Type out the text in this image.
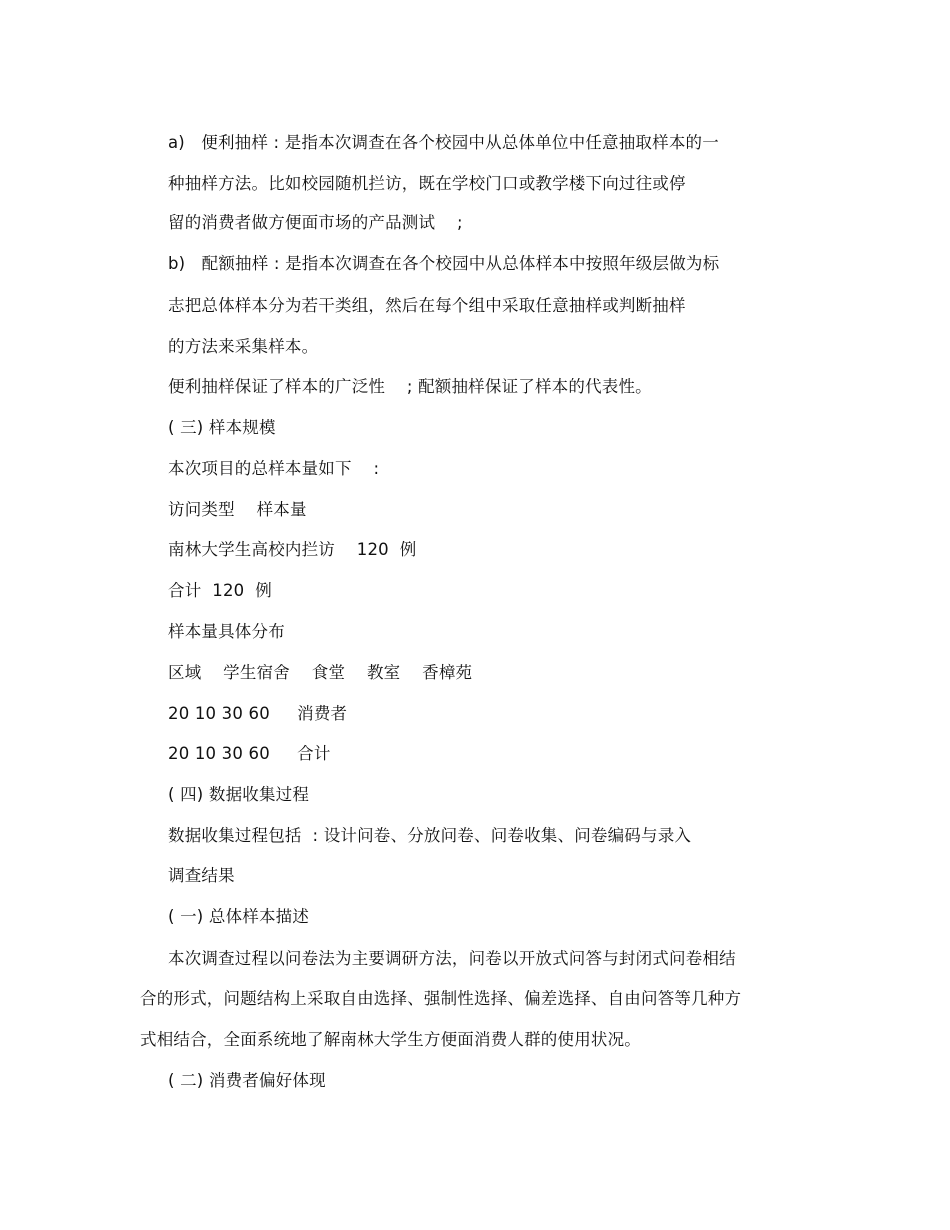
a)   便利抽样 : 是指本次调查在各个校园中从总体单位中任意抽取样本的一
种抽样方法。比如校园随机拦访，既在学校门口或教学楼下向过往或停
留的消费者做方便面市场的产品测试    ;
b)   配额抽样 : 是指本次调查在各个校园中从总体样本中按照年级层做为标
志把总体样本分为若干类组，然后在每个组中采取任意抽样或判断抽样
的方法来采集样本。
便利抽样保证了样本的广泛性    ; 配额抽样保证了样本的代表性。
( 三) 样本规模
本次项目的总样本量如下    :
访问类型    样本量
南林大学生高校内拦访    120  例
合计  120  例
样本量具体分布
区域    学生宿舍    食堂    教室    香樟苑
20 10 30 60     消费者
20 10 30 60     合计
( 四) 数据收集过程
数据收集过程包括  : 设计问卷、分放问卷、问卷收集、问卷编码与录入
调查结果
( 一) 总体样本描述
本次调查过程以问卷法为主要调研方法，问卷以开放式问答与封闭式问卷相结
合的形式，问题结构上采取自由选择、强制性选择、偏差选择、自由问答等几种方
式相结合，全面系统地了解南林大学生方便面消费人群的使用状况。
( 二) 消费者偏好体现
